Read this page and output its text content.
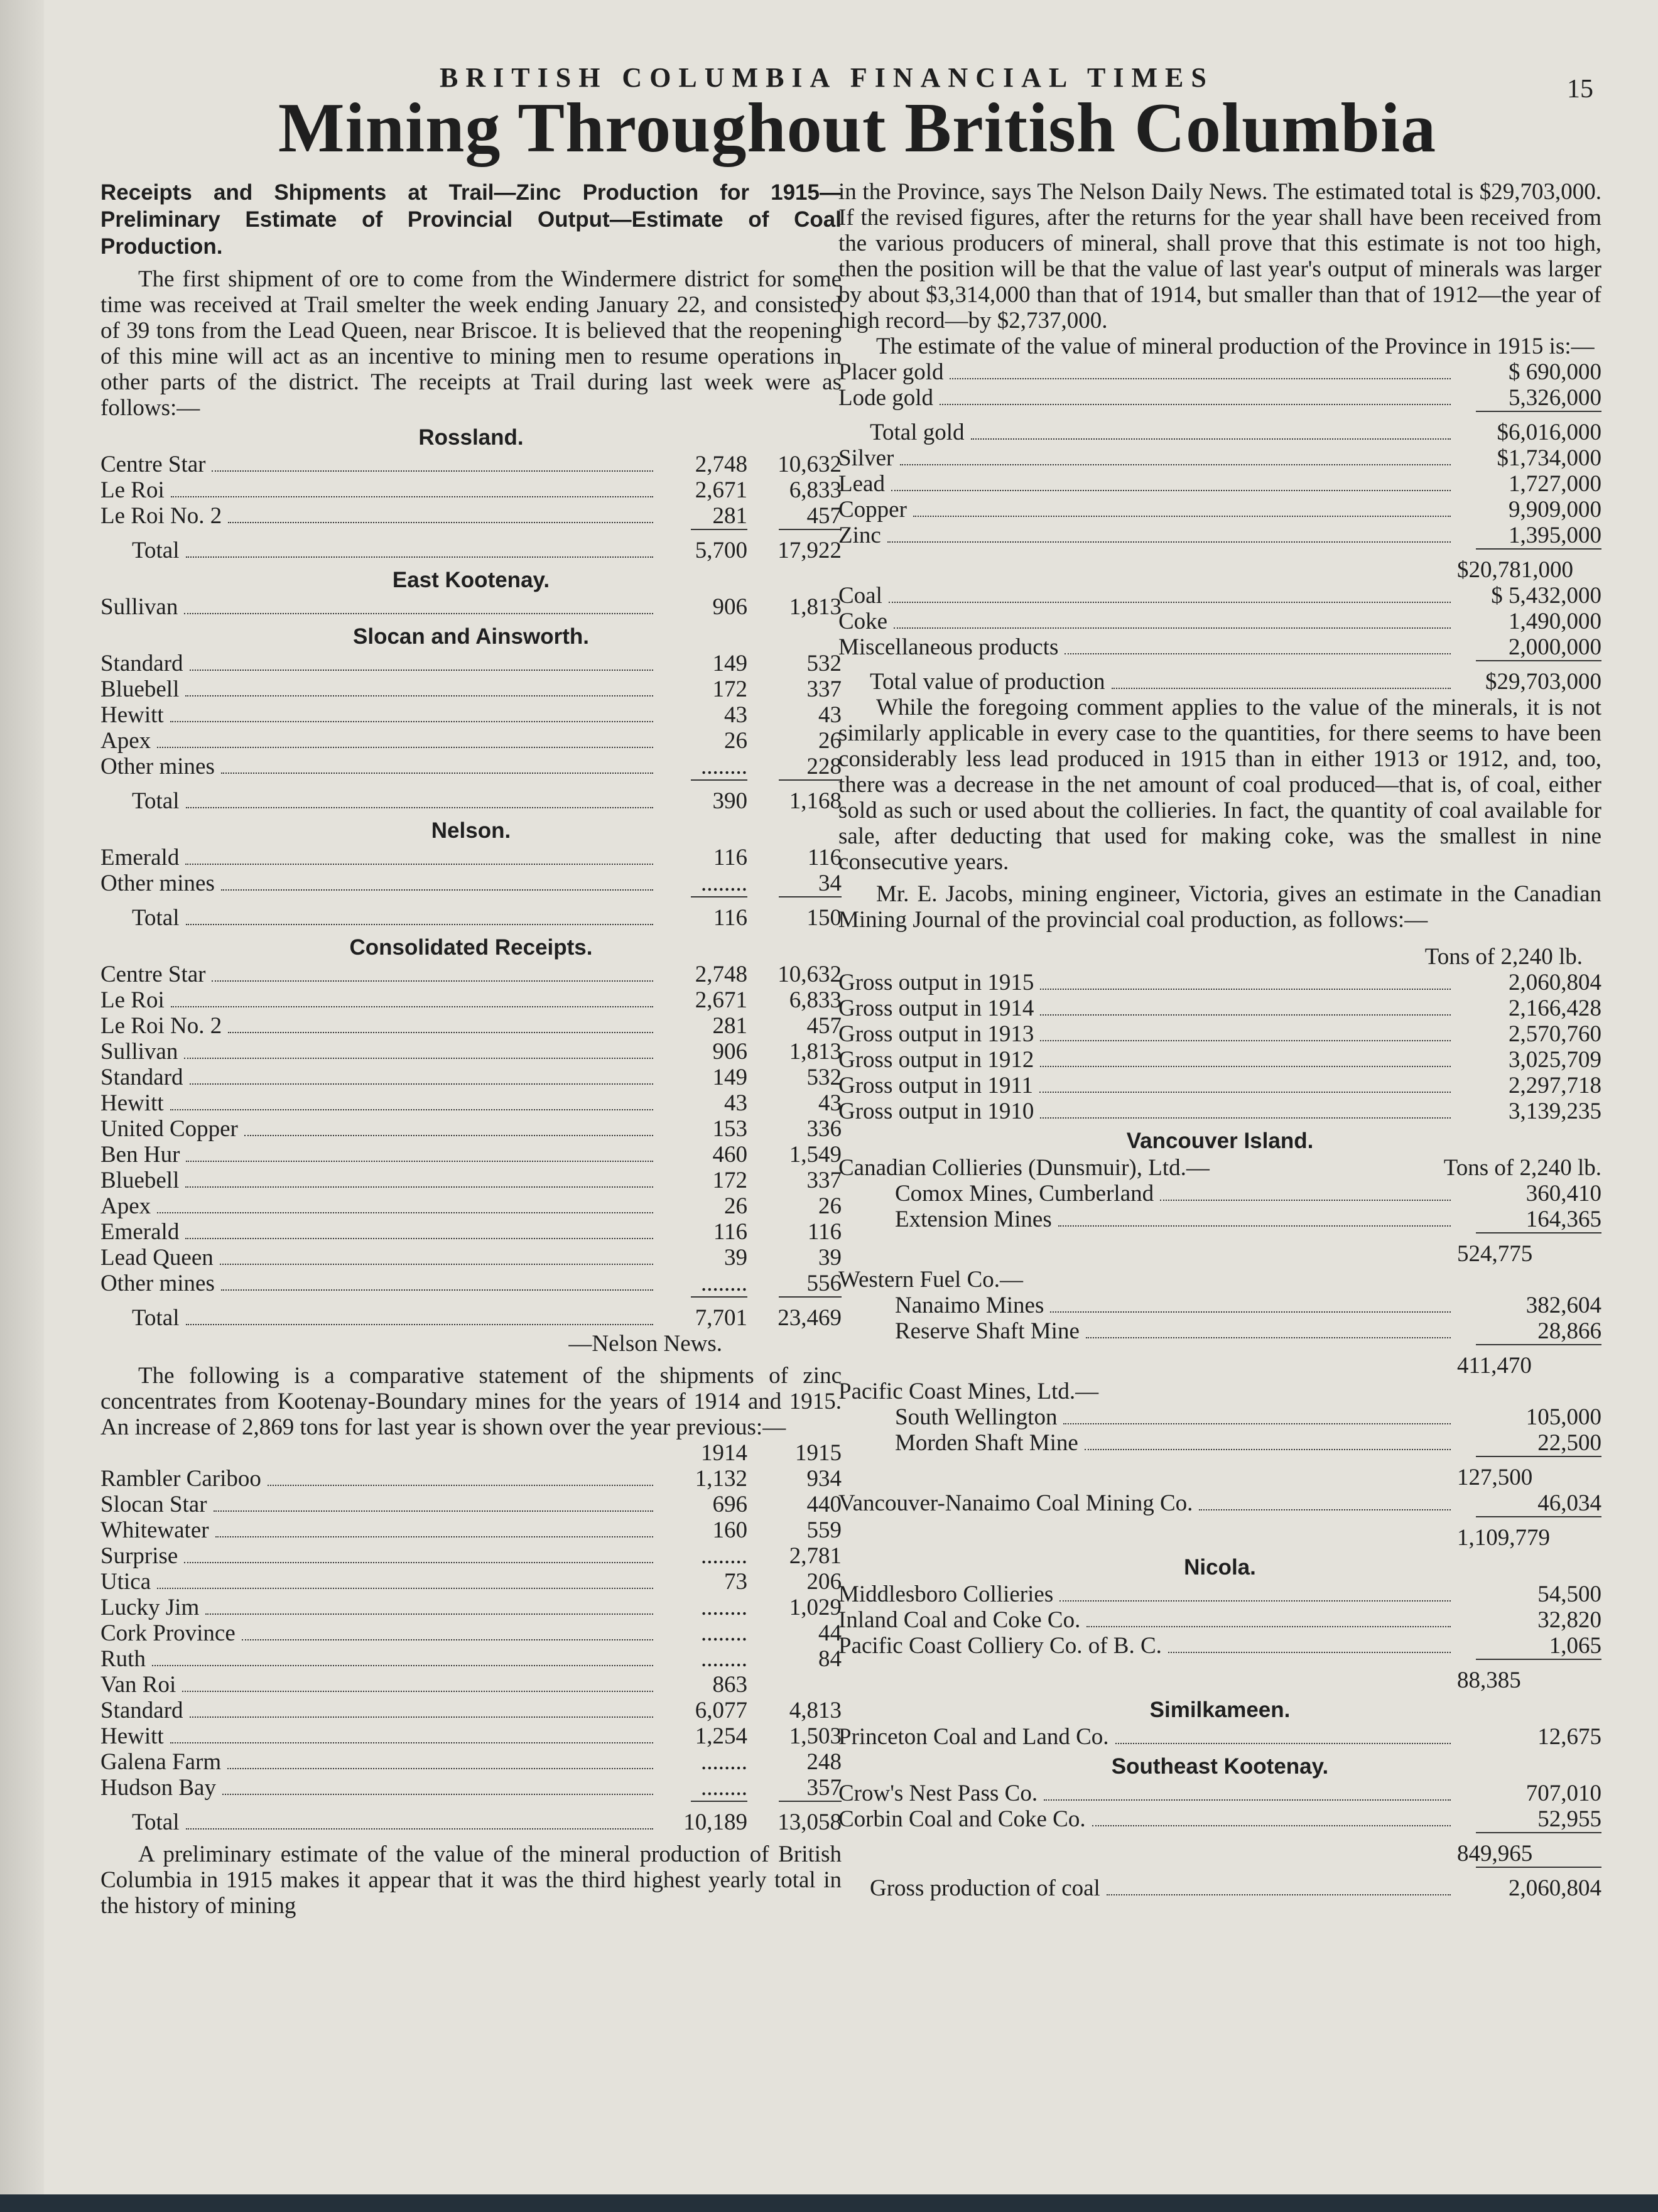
BRITISH COLUMBIA FINANCIAL TIMES	15
Mining Throughout British Columbia

Receipts and Shipments at Trail—Zinc Production for 1915—Preliminary Estimate of Provincial Output—Estimate of Coal Production.

The first shipment of ore to come from the Windermere district for some time was received at Trail smelter the week ending January 22, and consisted of 39 tons from the Lead Queen, near Briscoe. It is believed that the reopening of this mine will act as an incentive to mining men to resume operations in other parts of the district. The receipts at Trail during last week were as follows:—

Rossland.
Centre Star	2,748	10,632
Le Roi	2,671	6,833
Le Roi No. 2	281	457
Total	5,700	17,922
East Kootenay.
Sullivan	906	1,813
Slocan and Ainsworth.
Standard	149	532
Bluebell	172	337
Hewitt	43	43
Apex	26	26
Other mines	........	228
Total	390	1,168
Nelson.
Emerald	116	116
Other mines	........	34
Total	116	150
Consolidated Receipts.
Centre Star	2,748	10,632
Le Roi	2,671	6,833
Le Roi No. 2	281	457
Sullivan	906	1,813
Standard	149	532
Hewitt	43	43
United Copper	153	336
Ben Hur	460	1,549
Bluebell	172	337
Apex	26	26
Emerald	116	116
Lead Queen	39	39
Other mines	........	556
Total	7,701	23,469
—Nelson News.

The following is a comparative statement of the shipments of zinc concentrates from Kootenay-Boundary mines for the years of 1914 and 1915. An increase of 2,869 tons for last year is shown over the year previous:—

1914	1915
Rambler Cariboo	1,132	934
Slocan Star	696	440
Whitewater	160	559
Surprise	........	2,781
Utica	73	206
Lucky Jim	........	1,029
Cork Province	........	44
Ruth	........	84
Van Roi	863
Standard	6,077	4,813
Hewitt	1,254	1,503
Galena Farm	........	248
Hudson Bay	........	357
Total	10,189	13,058

A preliminary estimate of the value of the mineral production of British Columbia in 1915 makes it appear that it was the third highest yearly total in the history of mining

in the Province, says The Nelson Daily News. The estimated total is $29,703,000. If the revised figures, after the returns for the year shall have been received from the various producers of mineral, shall prove that this estimate is not too high, then the position will be that the value of last year's output of minerals was larger by about $3,314,000 than that of 1914, but smaller than that of 1912—the year of high record—by $2,737,000.

The estimate of the value of mineral production of the Province in 1915 is:—

Placer gold	$ 690,000
Lode gold	5,326,000
Total gold	$6,016,000
Silver	$1,734,000
Lead	1,727,000
Copper	9,909,000
Zinc	1,395,000
$20,781,000
Coal	$ 5,432,000
Coke	1,490,000
Miscellaneous products	2,000,000
Total value of production	$29,703,000

While the foregoing comment applies to the value of the minerals, it is not similarly applicable in every case to the quantities, for there seems to have been considerably less lead produced in 1915 than in either 1913 or 1912, and, too, there was a decrease in the net amount of coal produced—that is, of coal, either sold as such or used about the collieries. In fact, the quantity of coal available for sale, after deducting that used for making coke, was the smallest in nine consecutive years.

Mr. E. Jacobs, mining engineer, Victoria, gives an estimate in the Canadian Mining Journal of the provincial coal production, as follows:—

Tons of 2,240 lb.
Gross output in 1915	2,060,804
Gross output in 1914	2,166,428
Gross output in 1913	2,570,760
Gross output in 1912	3,025,709
Gross output in 1911	2,297,718
Gross output in 1910	3,139,235
Vancouver Island.
Canadian Collieries (Dunsmuir), Ltd.—	Tons of 2,240 lb.
Comox Mines, Cumberland	360,410
Extension Mines	164,365
524,775
Western Fuel Co.—
Nanaimo Mines	382,604
Reserve Shaft Mine	28,866
411,470
Pacific Coast Mines, Ltd.—
South Wellington	105,000
Morden Shaft Mine	22,500
127,500
Vancouver-Nanaimo Coal Mining Co.	46,034
1,109,779
Nicola.
Middlesboro Collieries	54,500
Inland Coal and Coke Co.	32,820
Pacific Coast Colliery Co. of B. C.	1,065
88,385
Similkameen.
Princeton Coal and Land Co.	12,675
Southeast Kootenay.
Crow's Nest Pass Co.	707,010
Corbin Coal and Coke Co.	52,955
849,965
Gross production of coal	2,060,804
